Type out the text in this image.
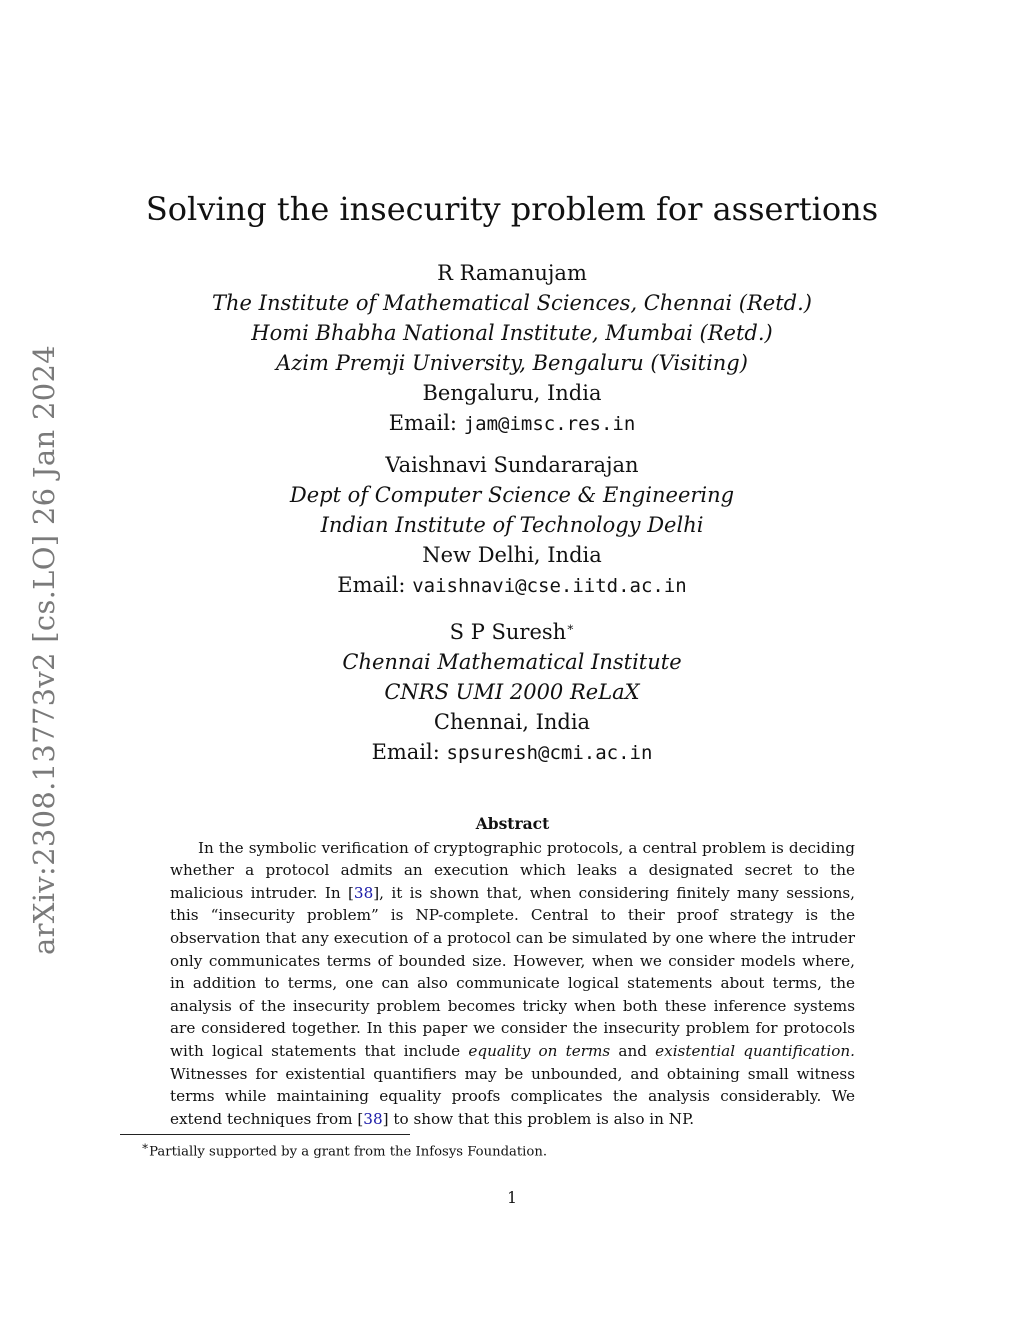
arXiv:2308.13773v2 [cs.LO] 26 Jan 2024
Solving the insecurity problem for assertions
R Ramanujam
The Institute of Mathematical Sciences, Chennai (Retd.)
Homi Bhabha National Institute, Mumbai (Retd.)
Azim Premji University, Bengaluru (Visiting)
Bengaluru, India
Email: jam@imsc.res.in
Vaishnavi Sundararajan
Dept of Computer Science & Engineering
Indian Institute of Technology Delhi
New Delhi, India
Email: vaishnavi@cse.iitd.ac.in
S P Suresh∗
Chennai Mathematical Institute
CNRS UMI 2000 ReLaX
Chennai, India
Email: spsuresh@cmi.ac.in
Abstract

In the symbolic verification of cryptographic protocols, a central problem is deciding whether a protocol admits an execution which leaks a designated secret to the malicious intruder. In [38], it is shown that, when considering finitely many sessions, this “insecurity problem” is NP-complete. Central to their proof strategy is the observation that any execution of a protocol can be simulated by one where the intruder only communicates terms of bounded size. However, when we consider models where, in addition to terms, one can also communicate logical statements about terms, the analysis of the insecurity problem becomes tricky when both these inference systems are considered together. In this paper we consider the insecurity problem for protocols with logical statements that include equality on terms and existential quantification. Witnesses for existential quantifiers may be unbounded, and obtaining small witness terms while maintaining equality proofs complicates the analysis considerably. We extend techniques from [38] to show that this problem is also in NP.

∗Partially supported by a grant from the Infosys Foundation.
1
